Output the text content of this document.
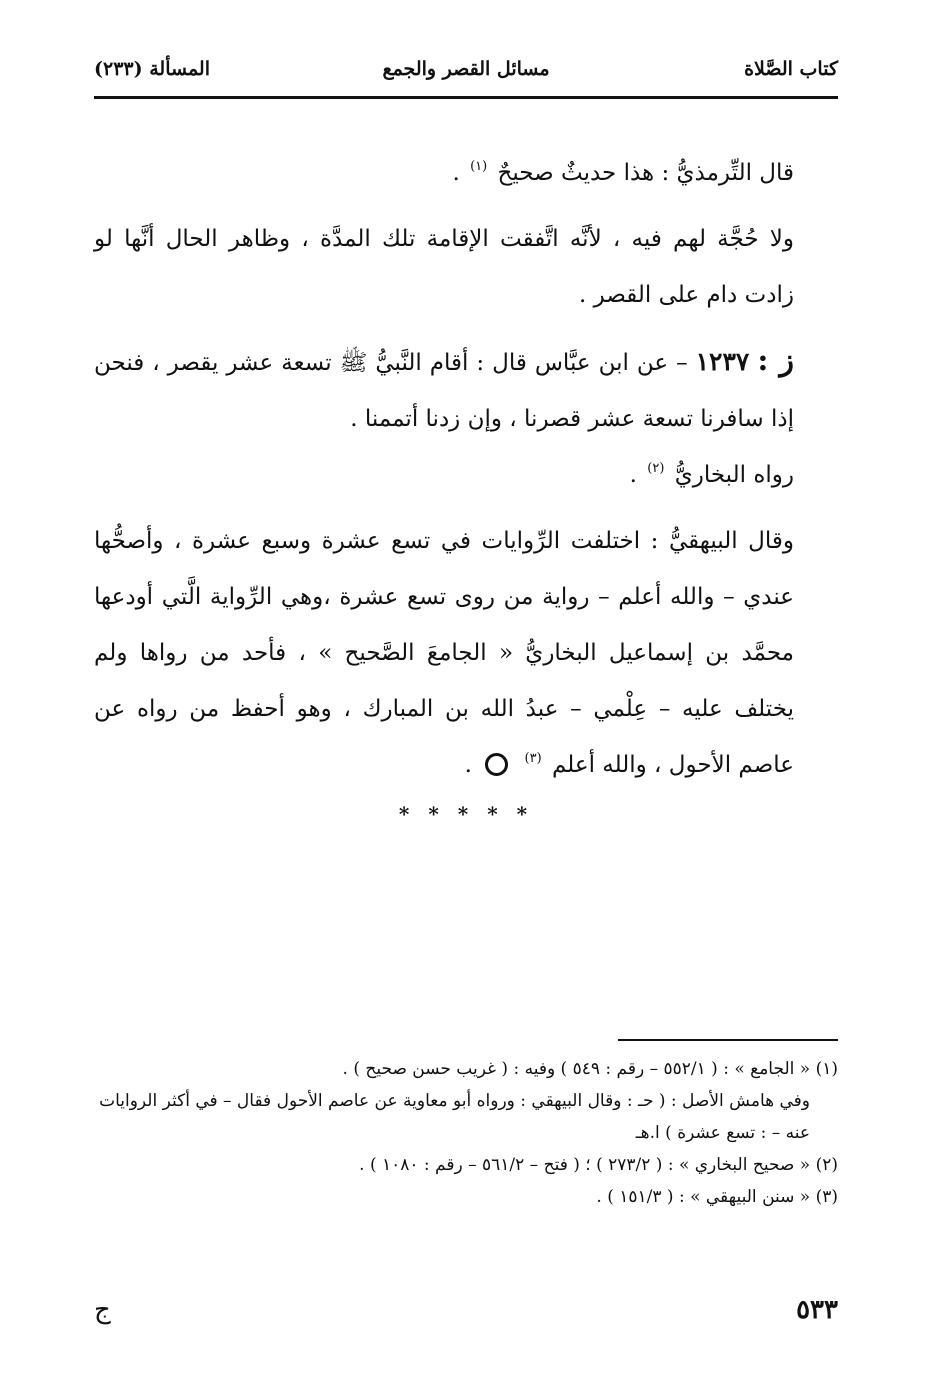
كتاب الصَّلاة
مسائل القصر والجمع
المسألة (٢٣٣)

قال التِّرمذيُّ : هذا حديثٌ صحيحٌ $^{(١)}$ .

ولا حُجَّة لهم فيه ، لأنَّه اتَّفقت الإقامة تلك المدَّة ، وظاهر الحال أنَّها لو زادت دام على القصر .

ز : ١٢٣٧ – عن ابن عبَّاس قال : أقام النَّبيُّ ﷺ تسعة عشر يقصر ، فنحن إذا سافرنا تسعة عشر قصرنا ، وإن زدنا أتممنا .

رواه البخاريُّ $^{(٢)}$ .

وقال البيهقيُّ : اختلفت الرِّوايات في تسع عشرة وسبع عشرة ، وأصحُّها عندي – والله أعلم – رواية من روى تسع عشرة ،وهي الرِّواية الَّتي أودعها محمَّد بن إسماعيل البخاريُّ « الجامعَ الصَّحيح » ، فأحد من رواها ولم يختلف عليه – عِلْمي – عبدُ الله بن المبارك ، وهو أحفظ من رواه عن عاصم الأحول ، والله أعلم $^{(٣)}$  .

* * * * *

(١) « الجامع » : ( ٥٥٢/١ – رقم : ٥٤٩ ) وفيه : ( غريب حسن صحيح ) .

وفي هامش الأصل : ( حـ : وقال البيهقي : ورواه أبو معاوية عن عاصم الأحول فقال – في أكثر الروايات عنه – : تسع عشرة ) ا.هـ

(٢) « صحيح البخاري » : ( ٢٧٣/٢ ) ؛ ( فتح – ٥٦١/٢ – رقم : ١٠٨٠ ) .

(٣) « سنن البيهقي » : ( ١٥١/٣ ) .

٥٣٣
ج
